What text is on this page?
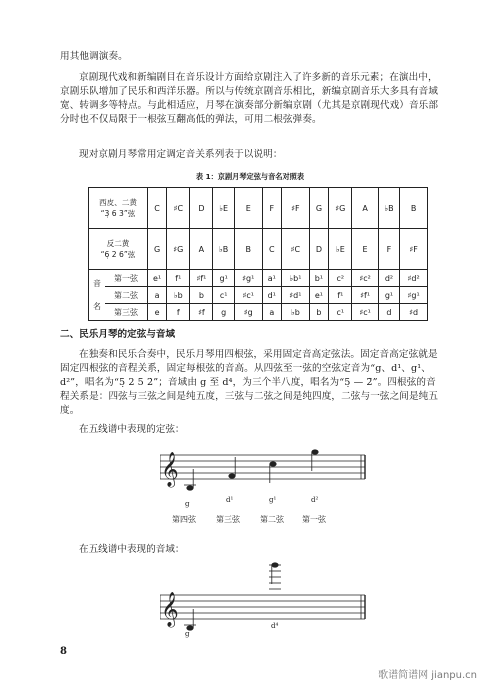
用其他调演奏。
京剧现代戏和新编剧目在音乐设计方面给京剧注入了许多新的音乐元素；在演出中，京剧乐队增加了民乐和西洋乐器。所以与传统京剧音乐相比，新编京剧音乐大多具有音域宽、转调多等特点。与此相适应，月琴在演奏部分新编京剧（尤其是京剧现代戏）音乐部分时也不仅局限于一根弦互翻高低的弹法，可用二根弦弹奏。
现对京剧月琴常用定调定音关系列表于以说明：
表 1：京剧月琴定弦与音名对照表
西皮、二黄
“3̣ 6 3”弦		C	♯C	D	♭E	E	F	♯F	G	♯G	A	♭B	B

反二黄
“6̣ 2 6”弦		G	♯G	A	♭B	B	C	♯C	D	♭E	E	F	♯F

音
名	第一弦	e¹	f¹	♯f¹	g¹	♯g¹	a¹	♭b¹	b¹	c²	♯c²	d²	♯d²
	第二弦	a	♭b	b	c¹	♯c¹	d¹	♯d¹	e¹	f¹	♯f¹	g¹	♯g¹
	第三弦	e	f	♯f	g	♯g	a	♭b	b	c¹	♯c¹	d	♯d
二、民乐月琴的定弦与音域
在独奏和民乐合奏中，民乐月琴用四根弦，采用固定音高定弦法。固定音高定弦就是固定四根弦的音程关系，固定每根弦的音高。从四弦至一弦的空弦定音为“g、d¹、g¹、d²”，唱名为“5̣ 2 5 2̇”；音域由 g 至 d⁴，为三个半八度，唱名为“5̣ — 2̈”。四根弦的音程关系是：四弦与三弦之间是纯五度，三弦与二弦之间是纯四度，二弦与一弦之间是纯五度。
在五线谱中表现的定弦：
𝄞
g	d¹	g¹	d²
第四弦	第三弦	第二弦 第一弦
在五线谱中表现的音域：
𝄞
g
d⁴
8
歌谱简谱网 jianpu.cn
